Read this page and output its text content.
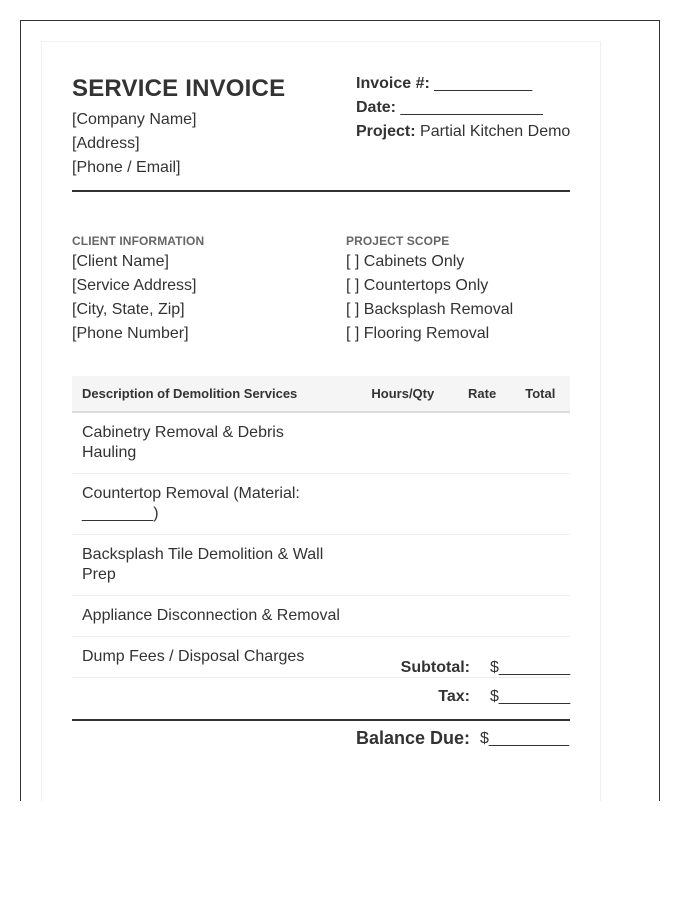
SERVICE INVOICE
[Company Name]
[Address]
[Phone / Email]
Invoice #: ___________
Date: ________________
Project: Partial Kitchen Demo
CLIENT INFORMATION
[Client Name]
[Service Address]
[City, State, Zip]
[Phone Number]
PROJECT SCOPE
[ ] Cabinets Only
[ ] Countertops Only
[ ] Backsplash Removal
[ ] Flooring Removal
Description of Demolition Services	Hours/Qty	Rate	Total
Cabinetry Removal & Debris Hauling			
Countertop Removal (Material: ________)			
Backsplash Tile Demolition & Wall Prep			
Appliance Disconnection & Removal			
Dump Fees / Disposal Charges			
Subtotal: $________
Tax: $________
Balance Due: $_________
